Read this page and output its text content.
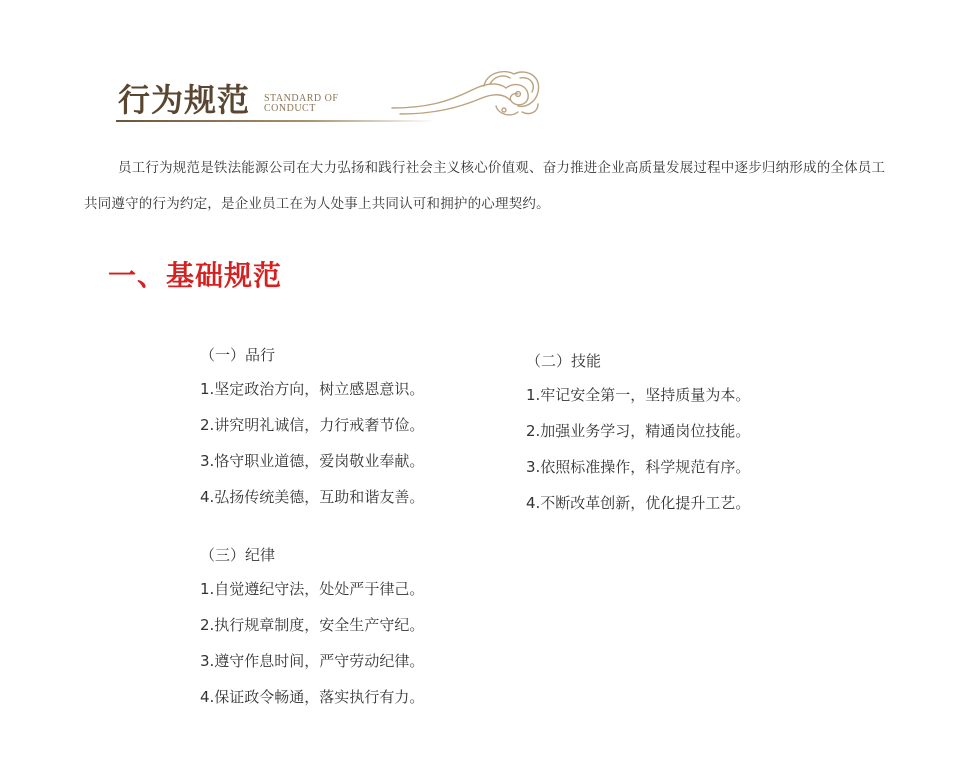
行为规范 STANDARD OF
CONDUCT
员工行为规范是铁法能源公司在大力弘扬和践行社会主义核心价值观、奋力推进企业高质量发展过程中逐步归纳形成的全体员工共同遵守的行为约定，是企业员工在为人处事上共同认可和拥护的心理契约。
一、基础规范
（一）品行
1.坚定政治方向，树立感恩意识。
2.讲究明礼诚信，力行戒奢节俭。
3.恪守职业道德，爱岗敬业奉献。
4.弘扬传统美德，互助和谐友善。
（二）技能
1.牢记安全第一，坚持质量为本。
2.加强业务学习，精通岗位技能。
3.依照标准操作，科学规范有序。
4.不断改革创新，优化提升工艺。
（三）纪律
1.自觉遵纪守法，处处严于律己。
2.执行规章制度，安全生产守纪。
3.遵守作息时间，严守劳动纪律。
4.保证政令畅通，落实执行有力。
